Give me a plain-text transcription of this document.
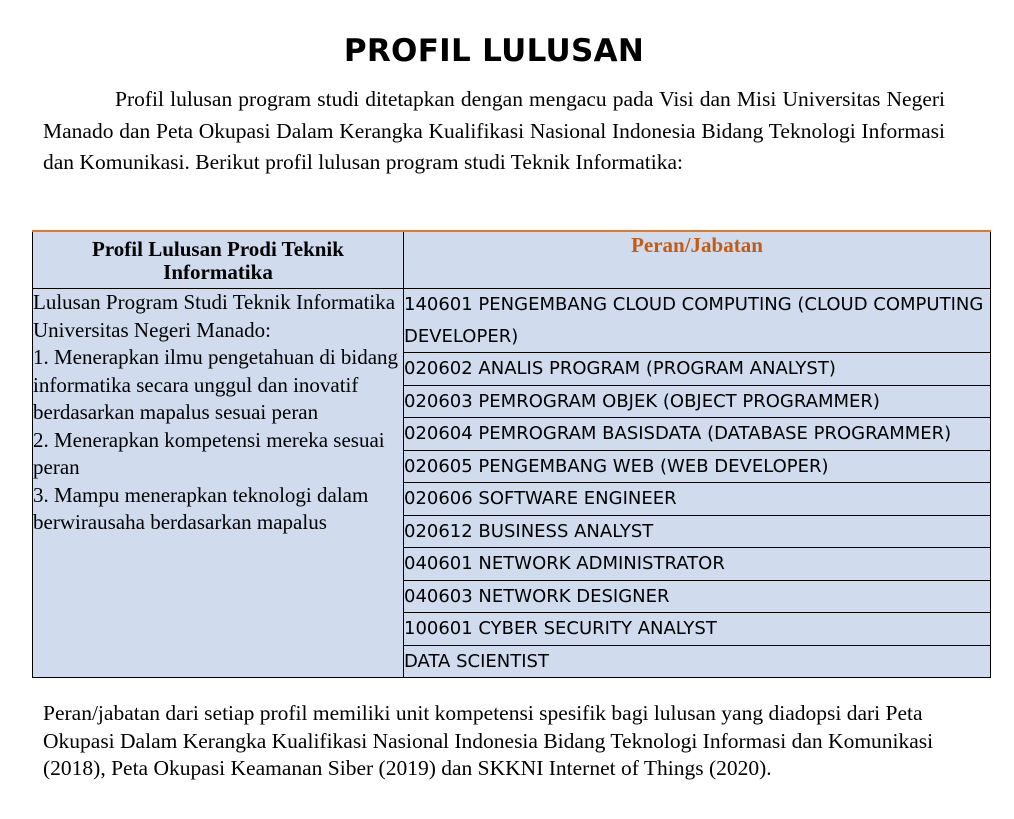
PROFIL LULUSAN

Profil lulusan program studi ditetapkan dengan mengacu pada Visi dan Misi Universitas Negeri Manado dan Peta Okupasi Dalam Kerangka Kualifikasi Nasional Indonesia Bidang Teknologi Informasi dan Komunikasi. Berikut profil lulusan program studi Teknik Informatika:

Profil Lulusan Prodi Teknik Informatika	Peran/Jabatan

Lulusan Program Studi Teknik Informatika Universitas Negeri Manado:
1. Menerapkan ilmu pengetahuan di bidang informatika secara unggul dan inovatif berdasarkan mapalus sesuai peran
2. Menerapkan kompetensi mereka sesuai peran
3. Mampu menerapkan teknologi dalam berwirausaha berdasarkan mapalus	140601 PENGEMBANG CLOUD COMPUTING (CLOUD COMPUTING DEVELOPER)
	020602 ANALIS PROGRAM (PROGRAM ANALYST)
	020603 PEMROGRAM OBJEK (OBJECT PROGRAMMER)
	020604 PEMROGRAM BASISDATA (DATABASE PROGRAMMER)
	020605 PENGEMBANG WEB (WEB DEVELOPER)
	020606 SOFTWARE ENGINEER
	020612 BUSINESS ANALYST
	040601 NETWORK ADMINISTRATOR
	040603 NETWORK DESIGNER
	100601 CYBER SECURITY ANALYST
	DATA SCIENTIST

Peran/jabatan dari setiap profil memiliki unit kompetensi spesifik bagi lulusan yang diadopsi dari Peta Okupasi Dalam Kerangka Kualifikasi Nasional Indonesia Bidang Teknologi Informasi dan Komunikasi (2018), Peta Okupasi Keamanan Siber (2019) dan SKKNI Internet of Things (2020).
